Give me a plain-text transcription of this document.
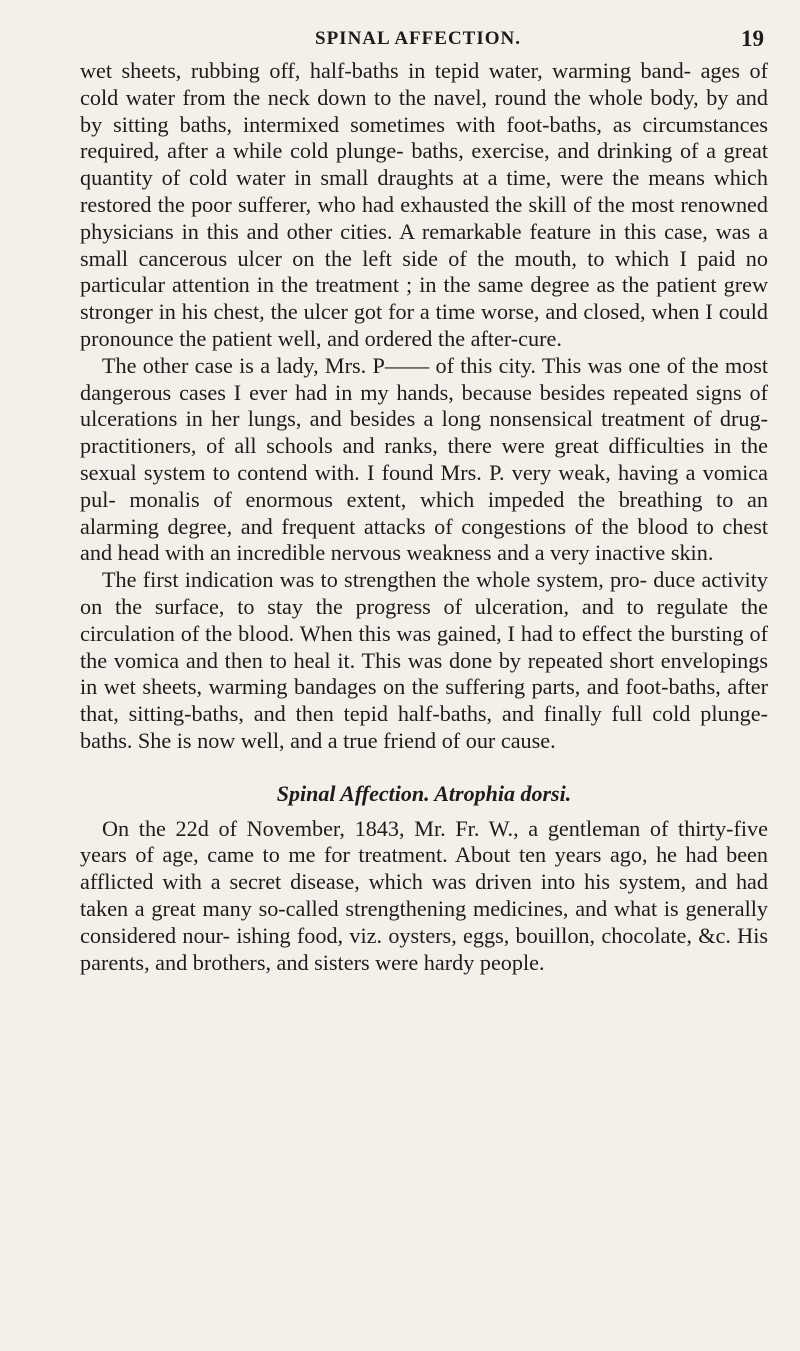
SPINAL AFFECTION.	19

wet sheets, rubbing off, half-baths in tepid water, warming band- ages of cold water from the neck down to the navel, round the whole body, by and by sitting baths, intermixed sometimes with foot-baths, as circumstances required, after a while cold plunge- baths, exercise, and drinking of a great quantity of cold water in small draughts at a time, were the means which restored the poor sufferer, who had exhausted the skill of the most renowned physicians in this and other cities. A remarkable feature in this case, was a small cancerous ulcer on the left side of the mouth, to which I paid no particular attention in the treatment ; in the same degree as the patient grew stronger in his chest, the ulcer got for a time worse, and closed, when I could pronounce the patient well, and ordered the after-cure.

The other case is a lady, Mrs. P—— of this city. This was one of the most dangerous cases I ever had in my hands, because besides repeated signs of ulcerations in her lungs, and besides a long nonsensical treatment of drug-practitioners, of all schools and ranks, there were great difficulties in the sexual system to contend with. I found Mrs. P. very weak, having a vomica pul- monalis of enormous extent, which impeded the breathing to an alarming degree, and frequent attacks of congestions of the blood to chest and head with an incredible nervous weakness and a very inactive skin.

The first indication was to strengthen the whole system, pro- duce activity on the surface, to stay the progress of ulceration, and to regulate the circulation of the blood. When this was gained, I had to effect the bursting of the vomica and then to heal it. This was done by repeated short envelopings in wet sheets, warming bandages on the suffering parts, and foot-baths, after that, sitting-baths, and then tepid half-baths, and finally full cold plunge-baths. She is now well, and a true friend of our cause.

Spinal Affection. Atrophia dorsi.

On the 22d of November, 1843, Mr. Fr. W., a gentleman of thirty-five years of age, came to me for treatment. About ten years ago, he had been afflicted with a secret disease, which was driven into his system, and had taken a great many so-called strengthening medicines, and what is generally considered nour- ishing food, viz. oysters, eggs, bouillon, chocolate, &c. His parents, and brothers, and sisters were hardy people.
